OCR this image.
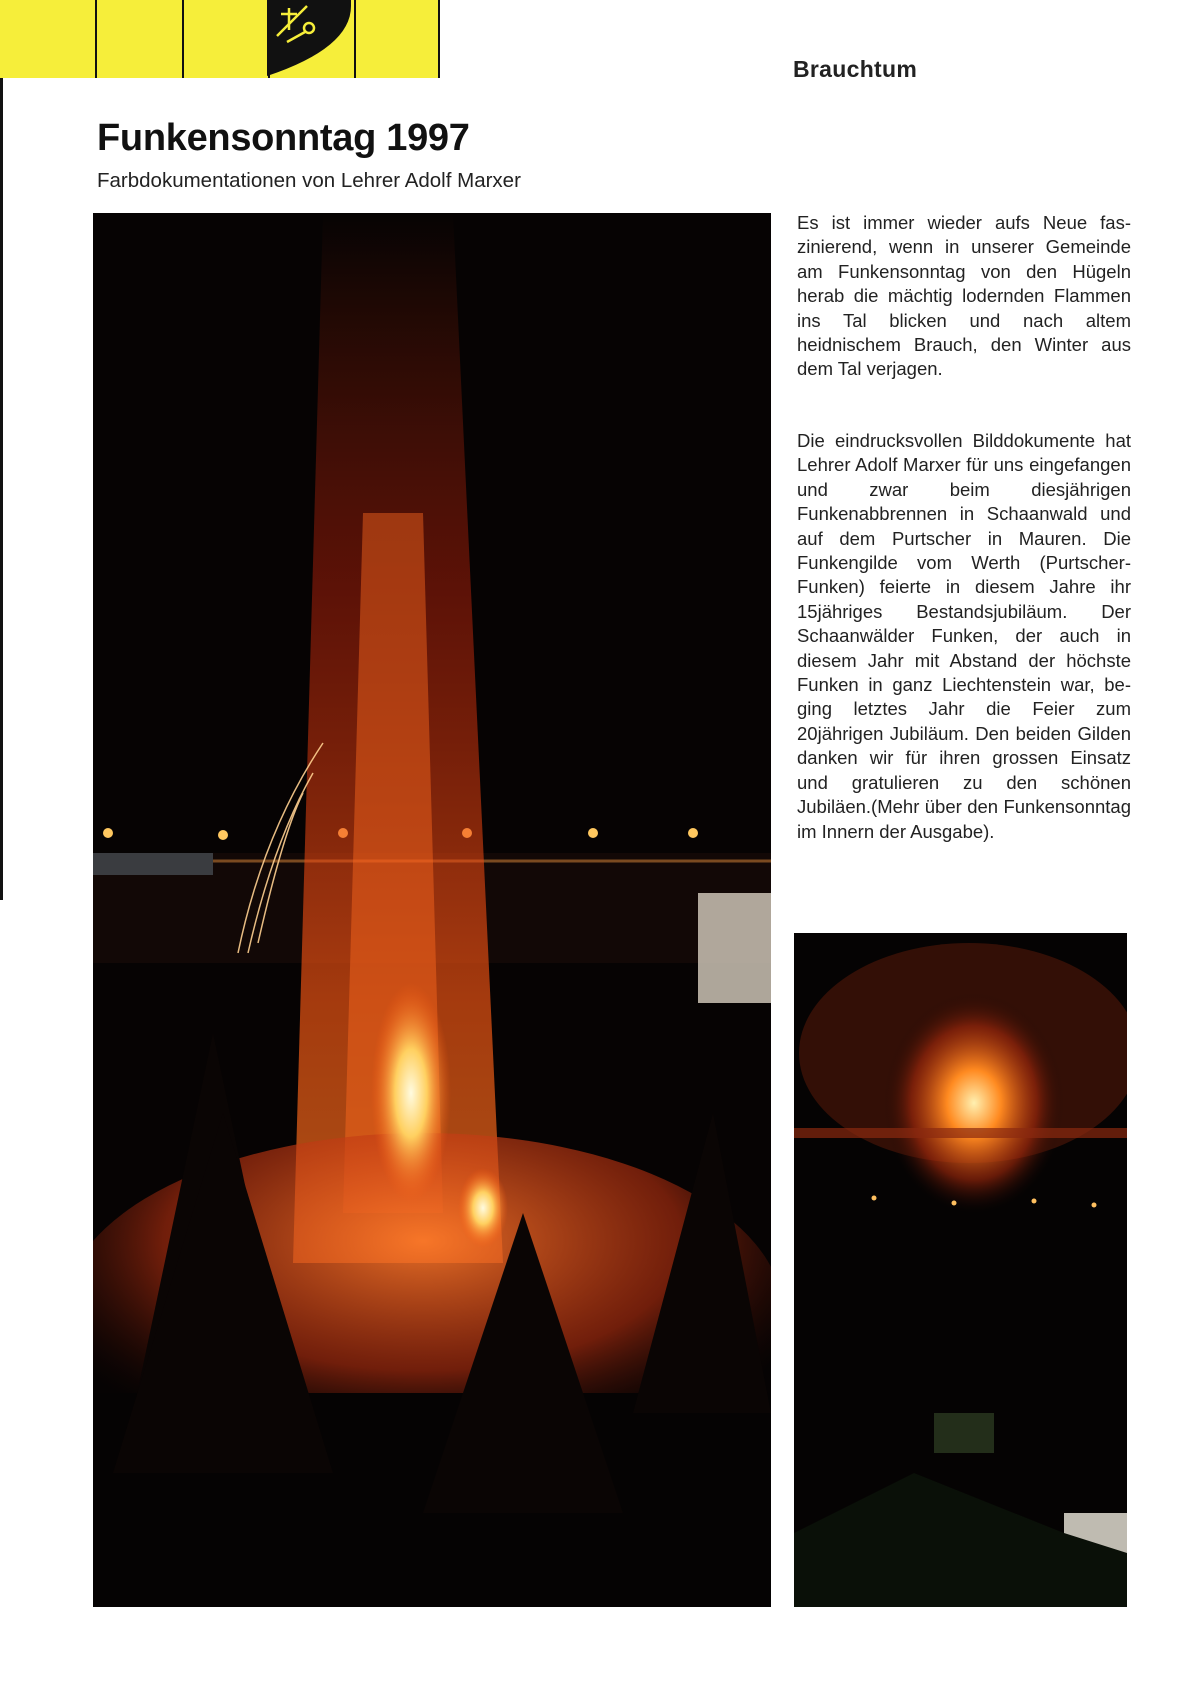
Brauchtum
Funkensonntag 1997
Farbdokumentationen von Lehrer Adolf Marxer
Es ist immer wieder aufs Neue faszinierend, wenn in unserer Gemeinde am Funkensonntag von den Hügeln herab die mächtig lodernden Flammen ins Tal blicken und nach altem heidnischem Brauch, den Winter aus dem Tal verjagen.
Die eindrucksvollen Bilddokumente hat Lehrer Adolf Marxer für uns eingefangen und zwar beim diesjährigen Funkenabbrennen in Schaanwald und auf dem Purtscher in Mauren. Die Funkengilde vom Werth (Purtscher-Funken) feierte in diesem Jahre ihr 15jähriges Bestandsjubiläum. Der Schaanwälder Funken, der auch in diesem Jahr mit Abstand der höchste Funken in ganz Liechtenstein war, beging letztes Jahr die Feier zum 20jährigen Jubiläum. Den beiden Gilden danken wir für ihren grossen Einsatz und gratulieren zu den schönen Jubiläen.(Mehr über den Funkensonntag im Innern der Ausgabe).
